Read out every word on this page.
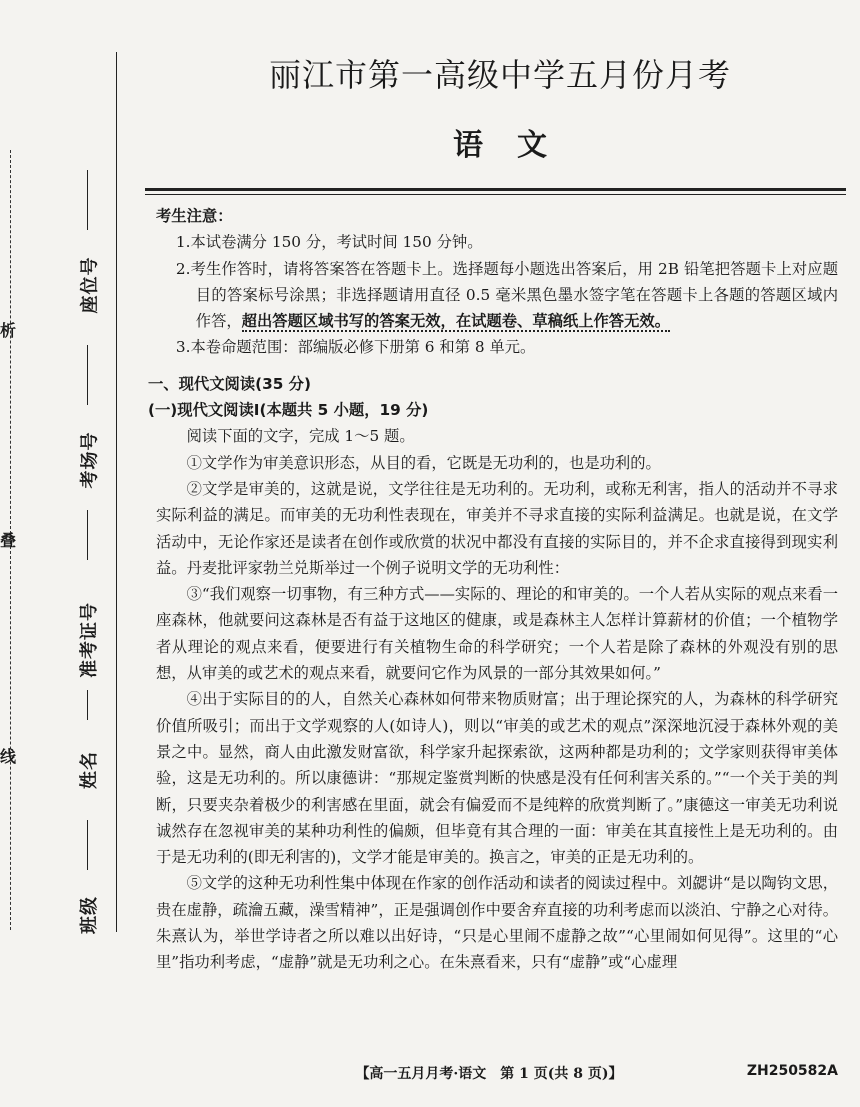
析
叠
线
座位号
考场号
准考证号
姓名
班级
丽江市第一高级中学五月份月考
语文

考生注意：

1.本试卷满分 150 分，考试时间 150 分钟。

2.考生作答时，请将答案答在答题卡上。选择题每小题选出答案后，用 2B 铅笔把答题卡上对应题目的答案标号涂黑；非选择题请用直径 0.5 毫米黑色墨水签字笔在答题卡上各题的答题区域内作答，超出答题区域书写的答案无效，在试题卷、草稿纸上作答无效。

3.本卷命题范围：部编版必修下册第 6 和第 8 单元。

一、现代文阅读(35 分)

(一)现代文阅读Ⅰ(本题共 5 小题，19 分)

阅读下面的文字，完成 1～5 题。

①文学作为审美意识形态，从目的看，它既是无功利的，也是功利的。

②文学是审美的，这就是说，文学往往是无功利的。无功利，或称无利害，指人的活动并不寻求实际利益的满足。而审美的无功利性表现在，审美并不寻求直接的实际利益满足。也就是说，在文学活动中，无论作家还是读者在创作或欣赏的状况中都没有直接的实际目的，并不企求直接得到现实利益。丹麦批评家勃兰兑斯举过一个例子说明文学的无功利性：

③“我们观察一切事物，有三种方式——实际的、理论的和审美的。一个人若从实际的观点来看一座森林，他就要问这森林是否有益于这地区的健康，或是森林主人怎样计算薪材的价值；一个植物学者从理论的观点来看，便要进行有关植物生命的科学研究；一个人若是除了森林的外观没有别的思想，从审美的或艺术的观点来看，就要问它作为风景的一部分其效果如何。”

④出于实际目的的人，自然关心森林如何带来物质财富；出于理论探究的人，为森林的科学研究价值所吸引；而出于文学观察的人(如诗人)，则以“审美的或艺术的观点”深深地沉浸于森林外观的美景之中。显然，商人由此激发财富欲，科学家升起探索欲，这两种都是功利的；文学家则获得审美体验，这是无功利的。所以康德讲：“那规定鉴赏判断的快感是没有任何利害关系的。”“一个关于美的判断，只要夹杂着极少的利害感在里面，就会有偏爱而不是纯粹的欣赏判断了。”康德这一审美无功利说诚然存在忽视审美的某种功利性的偏颇，但毕竟有其合理的一面：审美在其直接性上是无功利的。由于是无功利的(即无利害的)，文学才能是审美的。换言之，审美的正是无功利的。

⑤文学的这种无功利性集中体现在作家的创作活动和读者的阅读过程中。刘勰讲“是以陶钧文思，贵在虚静，疏瀹五藏，澡雪精神”，正是强调创作中要舍弃直接的功利考虑而以淡泊、宁静之心对待。朱熹认为，举世学诗者之所以难以出好诗，“只是心里闹不虚静之故”“心里闹如何见得”。这里的“心里”指功利考虑，“虚静”就是无功利之心。在朱熹看来，只有“虚静”或“心虚理

【高一五月月考·语文　第 1 页(共 8 页)】	ZH250582A
